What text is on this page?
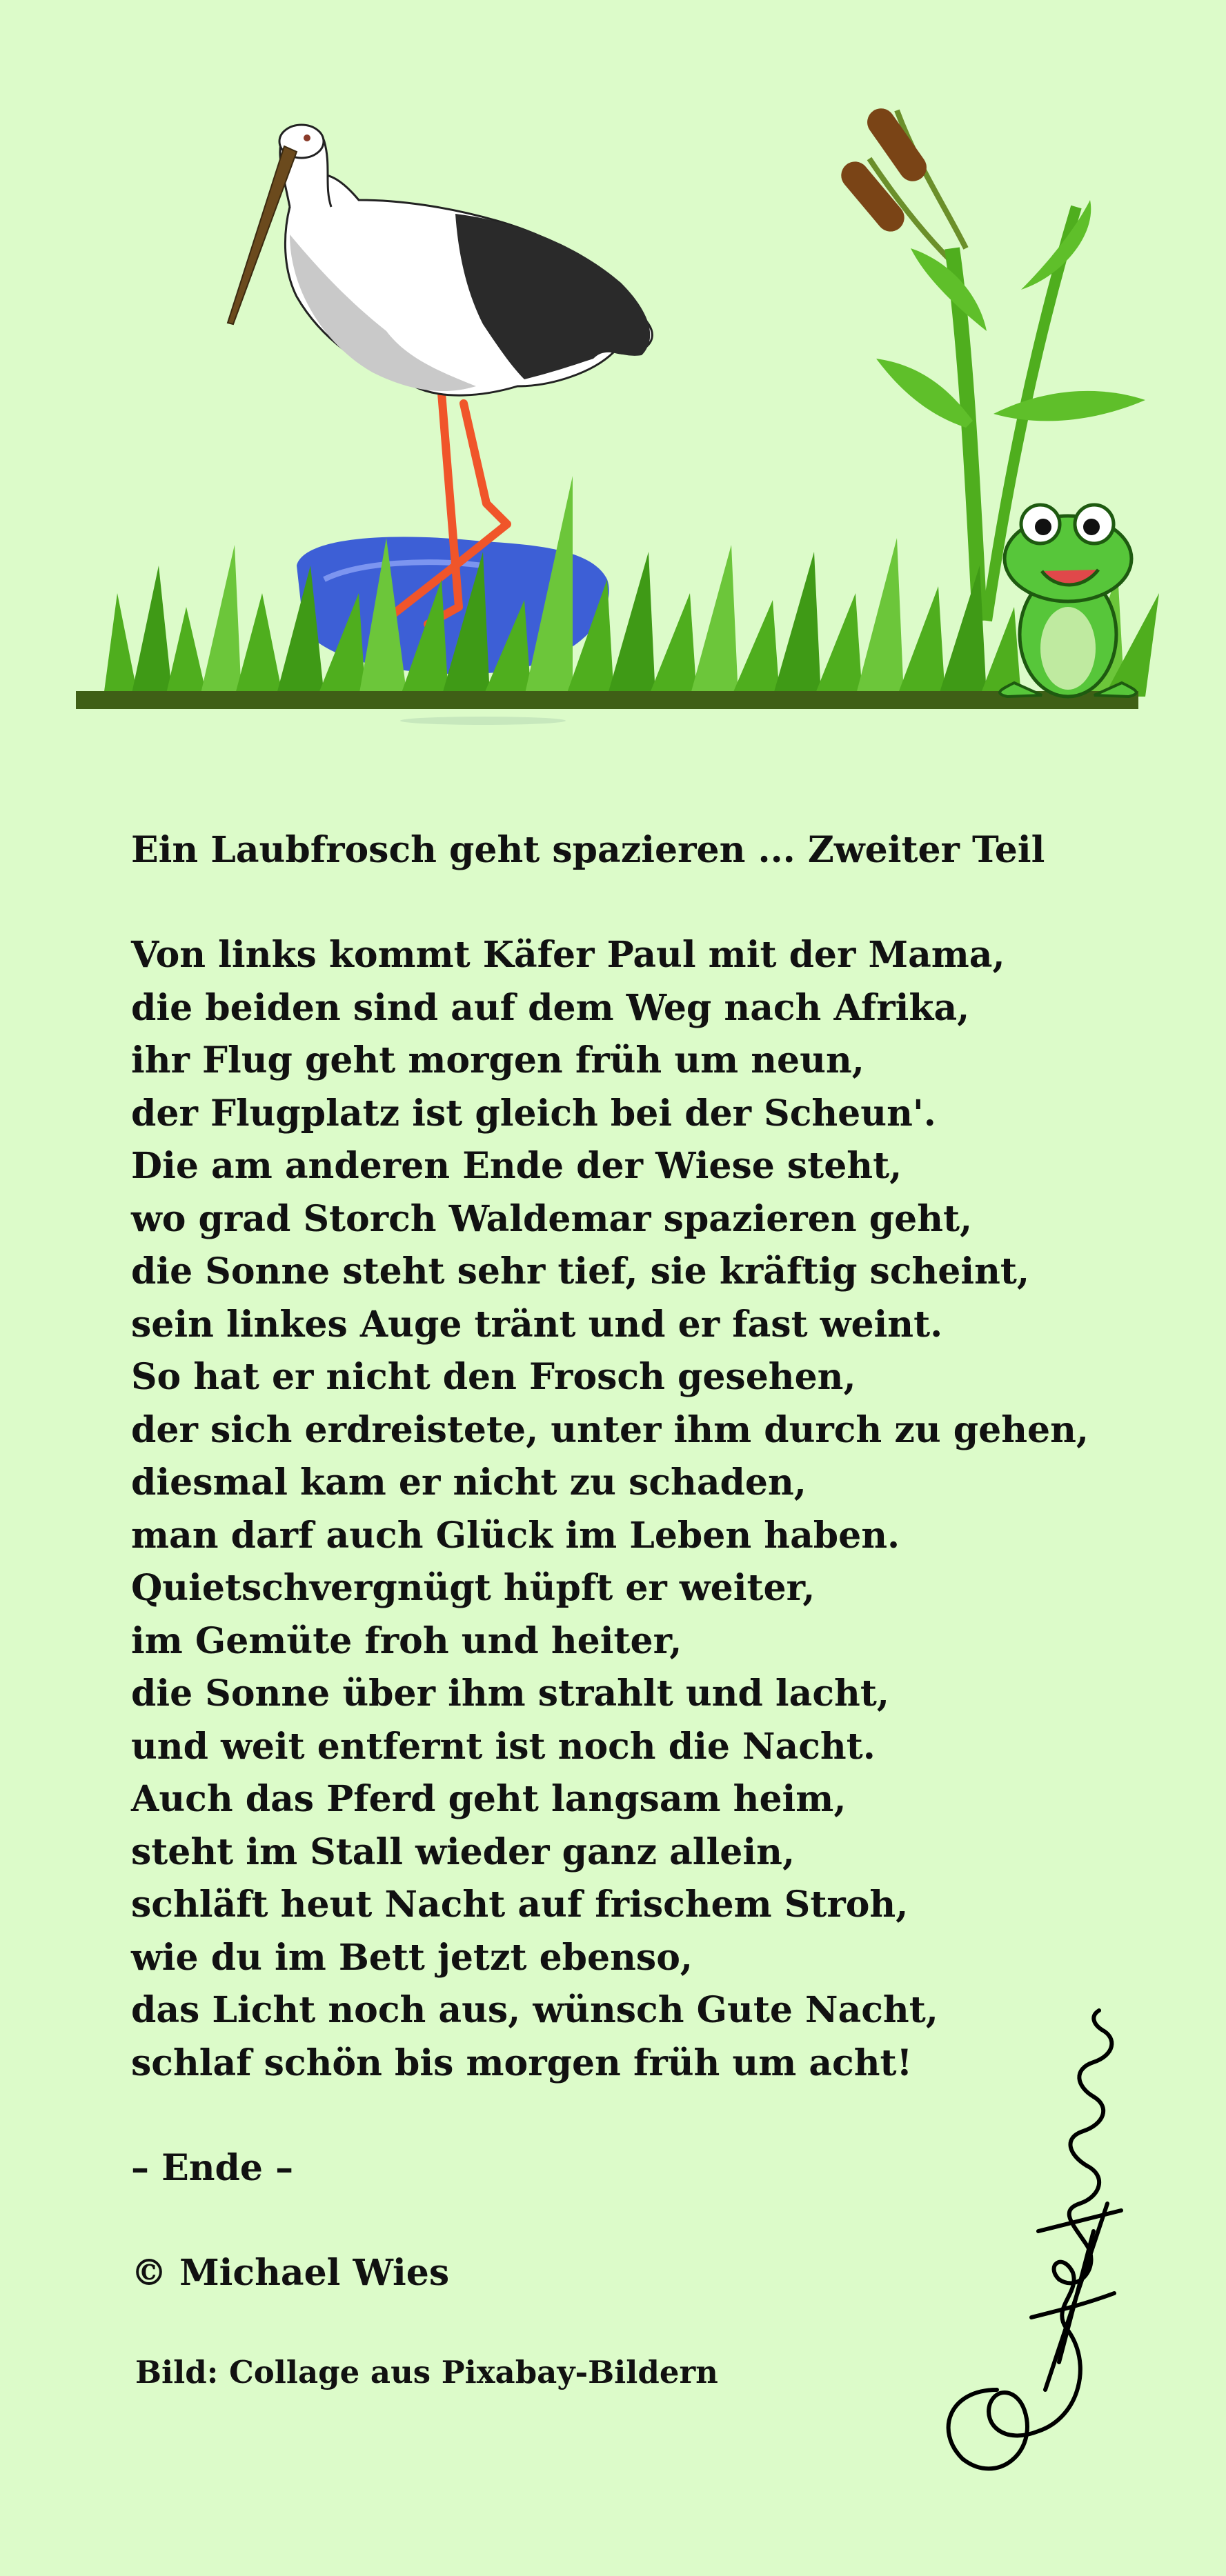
Ein Laubfrosch geht spazieren ... Zweiter Teil

Von links kommt Käfer Paul mit der Mama,
die beiden sind auf dem Weg nach Afrika,
ihr Flug geht morgen früh um neun,
der Flugplatz ist gleich bei der Scheun'.
Die am anderen Ende der Wiese steht,
wo grad Storch Waldemar spazieren geht,
die Sonne steht sehr tief, sie kräftig scheint,
sein linkes Auge tränt und er fast weint.
So hat er nicht den Frosch gesehen,
der sich erdreistete, unter ihm durch zu gehen,
diesmal kam er nicht zu schaden,
man darf auch Glück im Leben haben.
Quietschvergnügt hüpft er weiter,
im Gemüte froh und heiter,
die Sonne über ihm strahlt und lacht,
und weit entfernt ist noch die Nacht.
Auch das Pferd geht langsam heim,
steht im Stall wieder ganz allein,
schläft heut Nacht auf frischem Stroh,
wie du im Bett jetzt ebenso,
das Licht noch aus, wünsch Gute Nacht,
schlaf schön bis morgen früh um acht!
– Ende –
© Michael Wies
Bild: Collage aus Pixabay-Bildern
